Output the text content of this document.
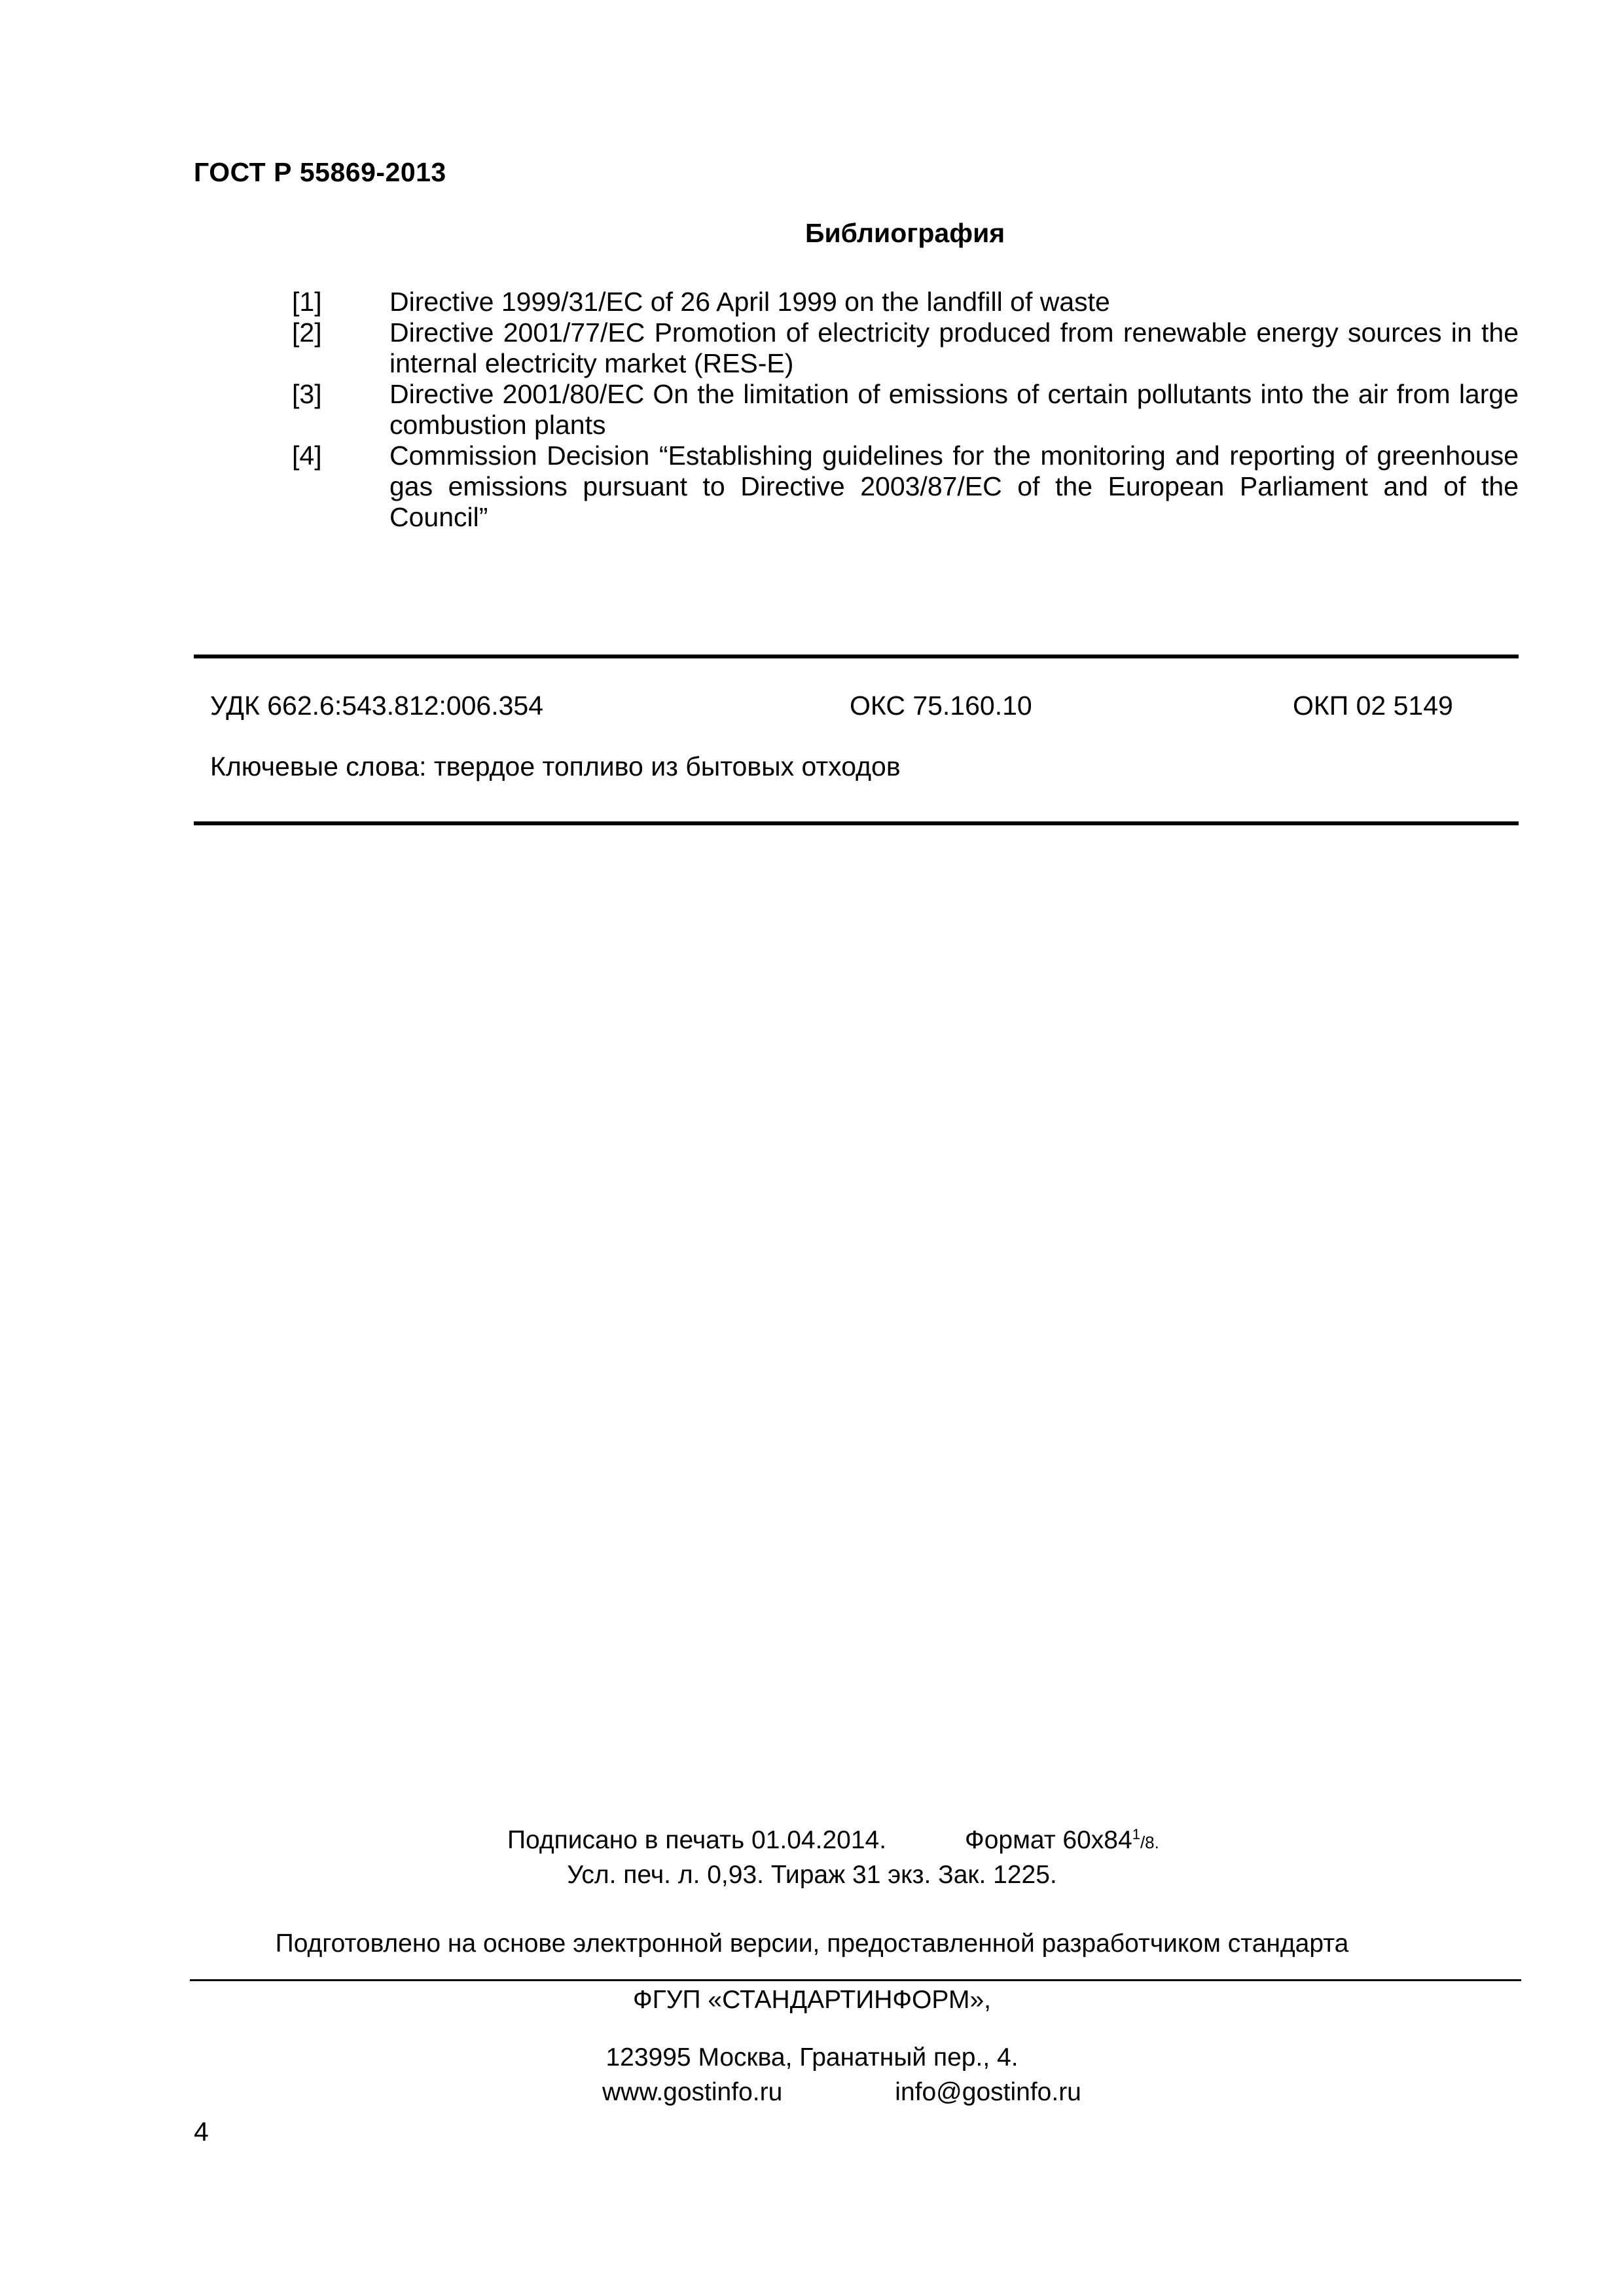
ГОСТ Р 55869-2013
Библиография
[1]	Directive 1999/31/EC of 26 April 1999 on the landfill of waste
[2]	Directive 2001/77/EC Promotion of electricity produced from renewable energy sources in the internal electricity market (RES-E)
[3]	Directive 2001/80/EC On the limitation of emissions of certain pollutants into the air from large combustion plants
[4]	Commission Decision “Establishing guidelines for the monitoring and reporting of greenhouse gas emissions pursuant to Directive 2003/87/EC of the European Parliament and of the Council”
УДК 662.6:543.812:006.354	ОКС 75.160.10	ОКП 02 5149
Ключевые слова: твердое топливо из бытовых отходов
Подписано в печать 01.04.2014.	Формат $60х84^1/8$.
Усл. печ. л. 0,93. Тираж 31 экз. Зак. 1225.
Подготовлено на основе электронной версии, предоставленной разработчиком стандарта
ФГУП «СТАНДАРТИНФОРМ»,
123995 Москва, Гранатный пер., 4.
www.gostinfo.ru	info@gostinfo.ru
4
